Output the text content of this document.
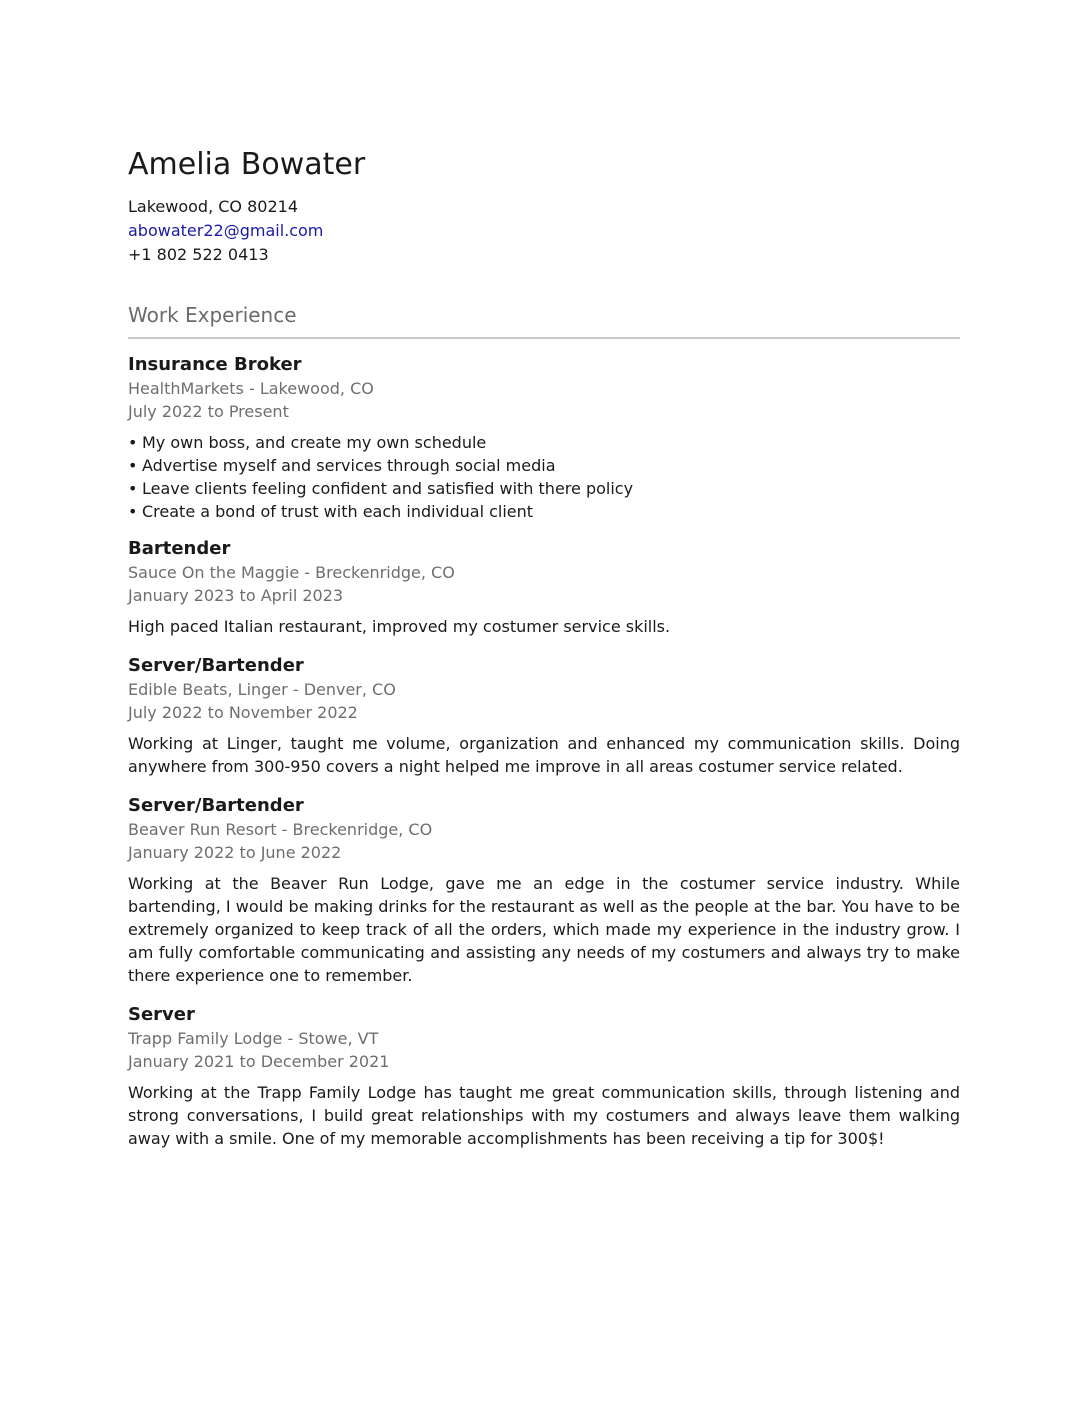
Amelia Bowater

Lakewood, CO 80214

abowater22@gmail.com

+1 802 522 0413

Work Experience

Insurance Broker

HealthMarkets - Lakewood, CO

July 2022 to Present

• My own boss, and create my own schedule
• Advertise myself and services through social media
• Leave clients feeling confident and satisfied with there policy
• Create a bond of trust with each individual client

Bartender

Sauce On the Maggie - Breckenridge, CO

January 2023 to April 2023

High paced Italian restaurant, improved my costumer service skills.

Server/Bartender

Edible Beats, Linger - Denver, CO

July 2022 to November 2022

Working at Linger, taught me volume, organization and enhanced my communication skills. Doing anywhere from 300-950 covers a night helped me improve in all areas costumer service related.

Server/Bartender

Beaver Run Resort - Breckenridge, CO

January 2022 to June 2022

Working at the Beaver Run Lodge, gave me an edge in the costumer service industry. While bartending, I would be making drinks for the restaurant as well as the people at the bar. You have to be extremely organized to keep track of all the orders, which made my experience in the industry grow. I am fully comfortable communicating and assisting any needs of my costumers and always try to make there experience one to remember.

Server

Trapp Family Lodge - Stowe, VT

January 2021 to December 2021

Working at the Trapp Family Lodge has taught me great communication skills, through listening and strong conversations, I build great relationships with my costumers and always leave them walking away with a smile. One of my memorable accomplishments has been receiving a tip for 300$!
